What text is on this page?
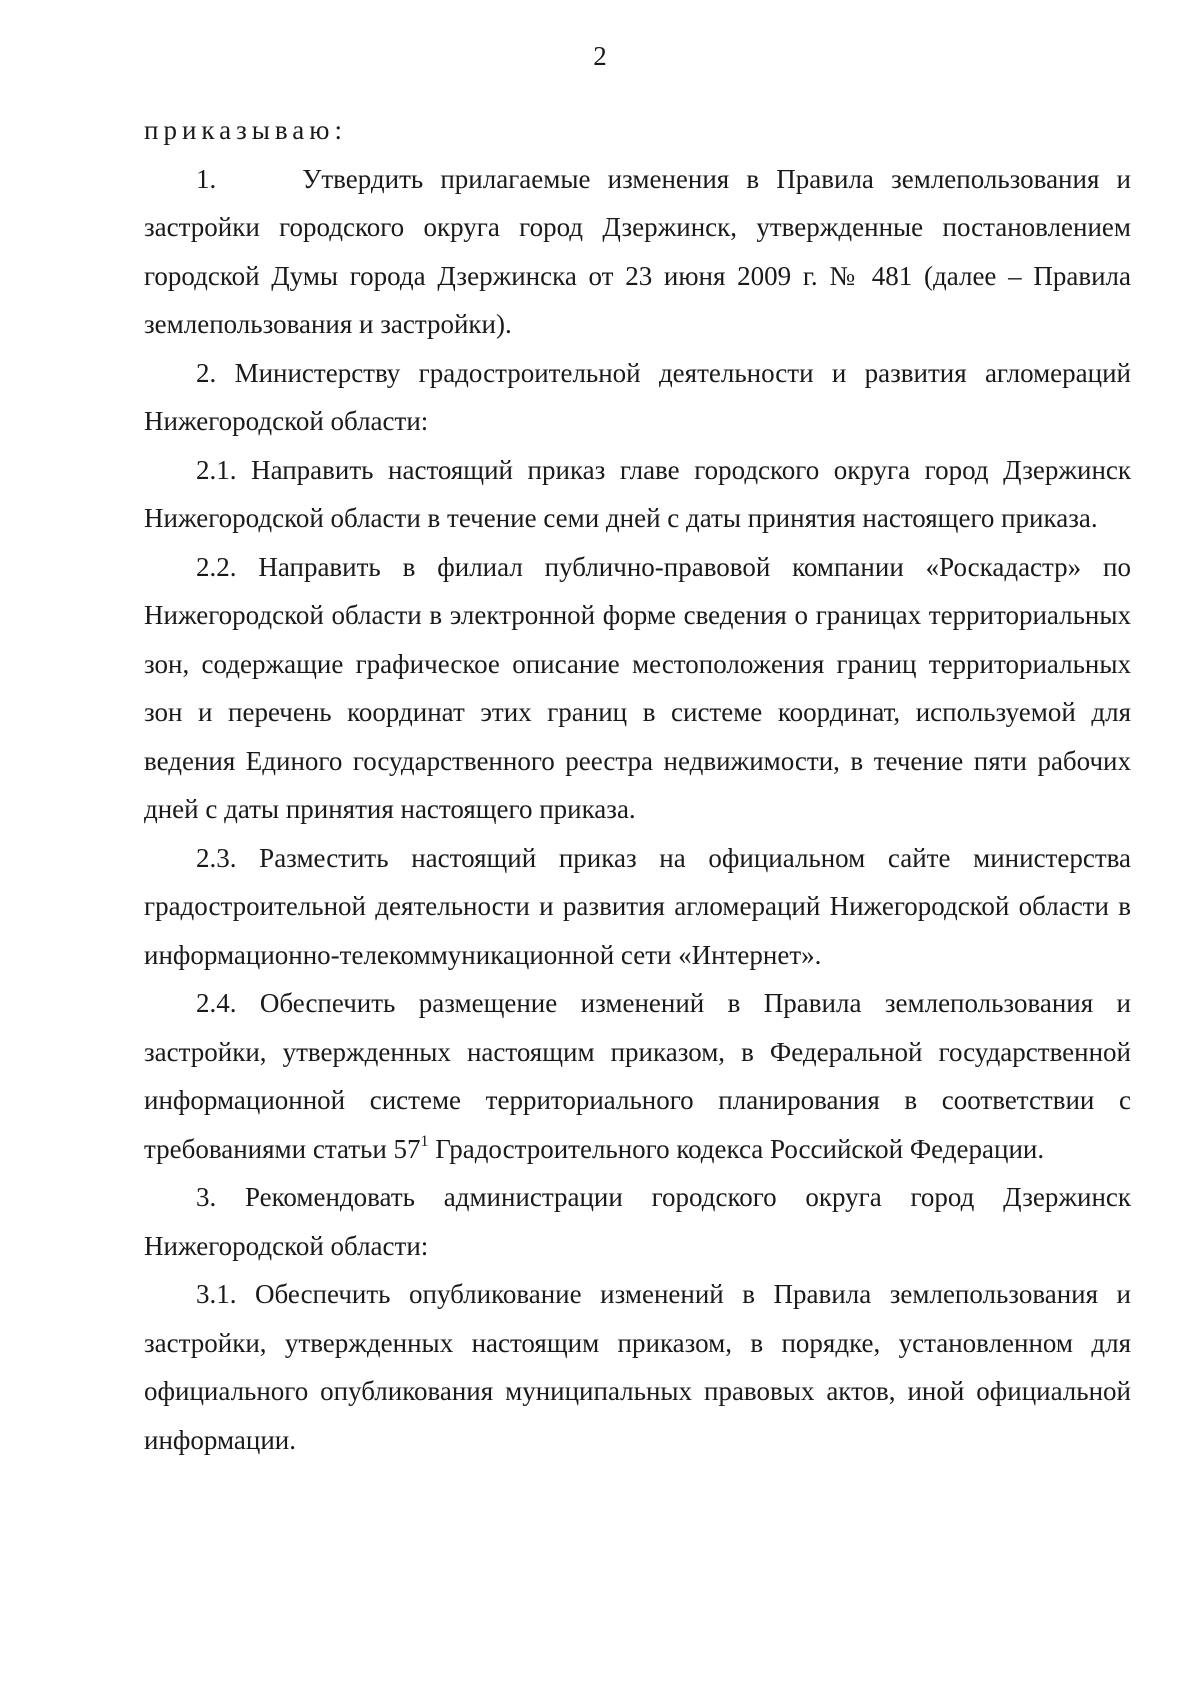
2

приказываю:

1.	Утвердить прилагаемые изменения в Правила землепользования и застройки городского округа город Дзержинск, утвержденные постановлением городской Думы города Дзержинска от 23 июня 2009 г. № 481 (далее – Правила землепользования и застройки).

2. Министерству градостроительной деятельности и развития агломераций Нижегородской области:

2.1. Направить настоящий приказ главе городского округа город Дзержинск Нижегородской области в течение семи дней с даты принятия настоящего приказа.

2.2. Направить в филиал публично-правовой компании «Роскадастр» по Нижегородской области в электронной форме сведения о границах территориальных зон, содержащие графическое описание местоположения границ территориальных зон и перечень координат этих границ в системе координат, используемой для ведения Единого государственного реестра недвижимости, в течение пяти рабочих дней с даты принятия настоящего приказа.

2.3. Разместить настоящий приказ на официальном сайте министерства градостроительной деятельности и развития агломераций Нижегородской области в информационно-телекоммуникационной сети «Интернет».

2.4. Обеспечить размещение изменений в Правила землепользования и застройки, утвержденных настоящим приказом, в Федеральной государственной информационной системе территориального планирования в соответствии с требованиями статьи $57^1$ Градостроительного кодекса Российской Федерации.

3. Рекомендовать администрации городского округа город Дзержинск Нижегородской области:

3.1. Обеспечить опубликование изменений в Правила землепользования и застройки, утвержденных настоящим приказом, в порядке, установленном для официального опубликования муниципальных правовых актов, иной официальной информации.
